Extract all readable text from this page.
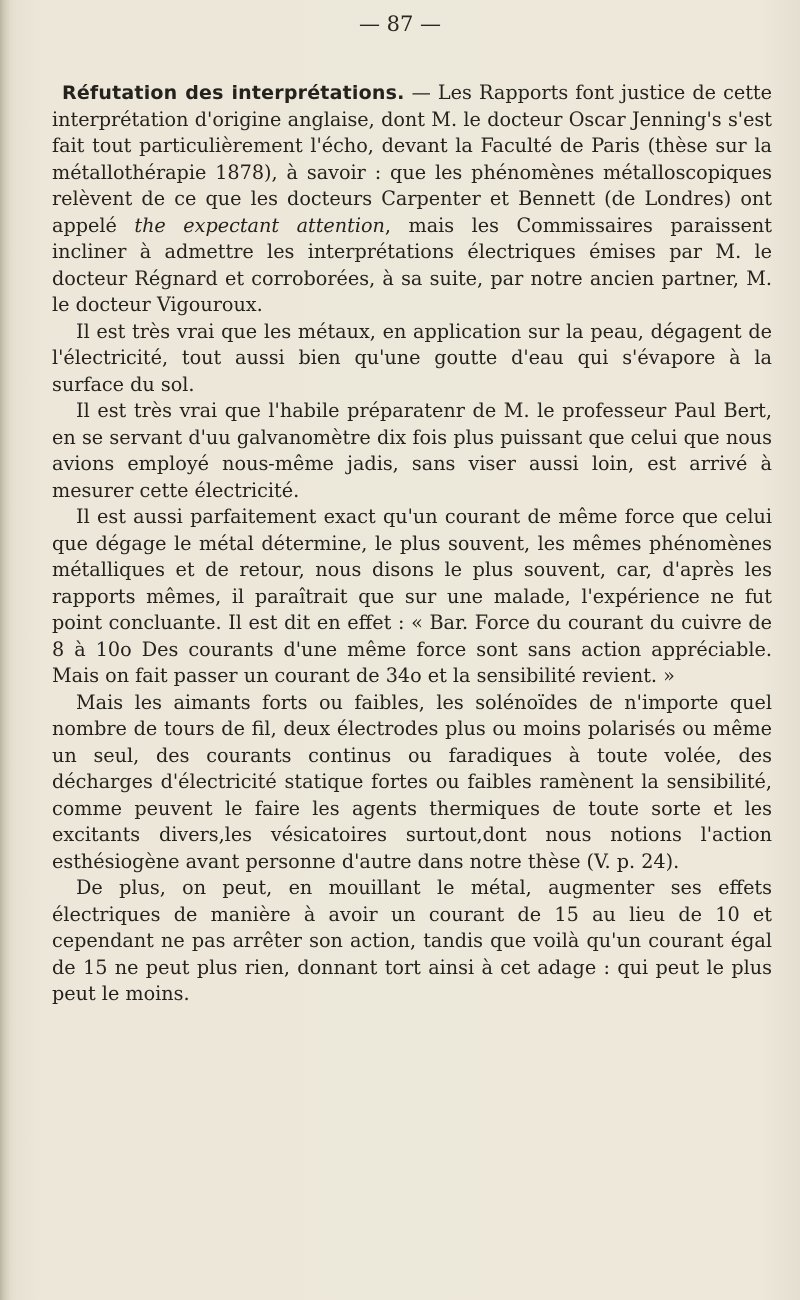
— 87 —

Réfutation des interprétations. — Les Rapports font justice de cette interprétation d'origine anglaise, dont M. le docteur Oscar Jenning's s'est fait tout particulièrement l'écho, devant la Faculté de Paris (thèse sur la métallothérapie 1878), à savoir : que les phénomènes métalloscopiques relèvent de ce que les docteurs Carpenter et Bennett (de Londres) ont appelé the expectant attention, mais les Commissaires paraissent incliner à admettre les interprétations électriques émises par M. le docteur Régnard et corroborées, à sa suite, par notre ancien partner, M. le docteur Vigouroux.

Il est très vrai que les métaux, en application sur la peau, dégagent de l'électricité, tout aussi bien qu'une goutte d'eau qui s'évapore à la surface du sol.

Il est très vrai que l'habile préparatenr de M. le professeur Paul Bert, en se servant d'uu galvanomètre dix fois plus puissant que celui que nous avions employé nous-même jadis, sans viser aussi loin, est arrivé à mesurer cette électricité.

Il est aussi parfaitement exact qu'un courant de même force que celui que dégage le métal détermine, le plus souvent, les mêmes phénomènes métalliques et de retour, nous disons le plus souvent, car, d'après les rapports mêmes, il paraîtrait que sur une malade, l'expérience ne fut point concluante. Il est dit en effet : « Bar. Force du courant du cuivre de 8 à 10o Des courants d'une même force sont sans action appréciable. Mais on fait passer un courant de 34o et la sensibilité revient. »

Mais les aimants forts ou faibles, les solénoïdes de n'importe quel nombre de tours de fil, deux électrodes plus ou moins polarisés ou même un seul, des courants continus ou faradiques à toute volée, des décharges d'électricité statique fortes ou faibles ramènent la sensibilité, comme peuvent le faire les agents thermiques de toute sorte et les excitants divers,les vésicatoires surtout,dont nous notions l'action esthésiogène avant personne d'autre dans notre thèse (V. p. 24).

De plus, on peut, en mouillant le métal, augmenter ses effets électriques de manière à avoir un courant de 15 au lieu de 10 et cependant ne pas arrêter son action, tandis que voilà qu'un courant égal de 15 ne peut plus rien, donnant tort ainsi à cet adage : qui peut le plus peut le moins.
